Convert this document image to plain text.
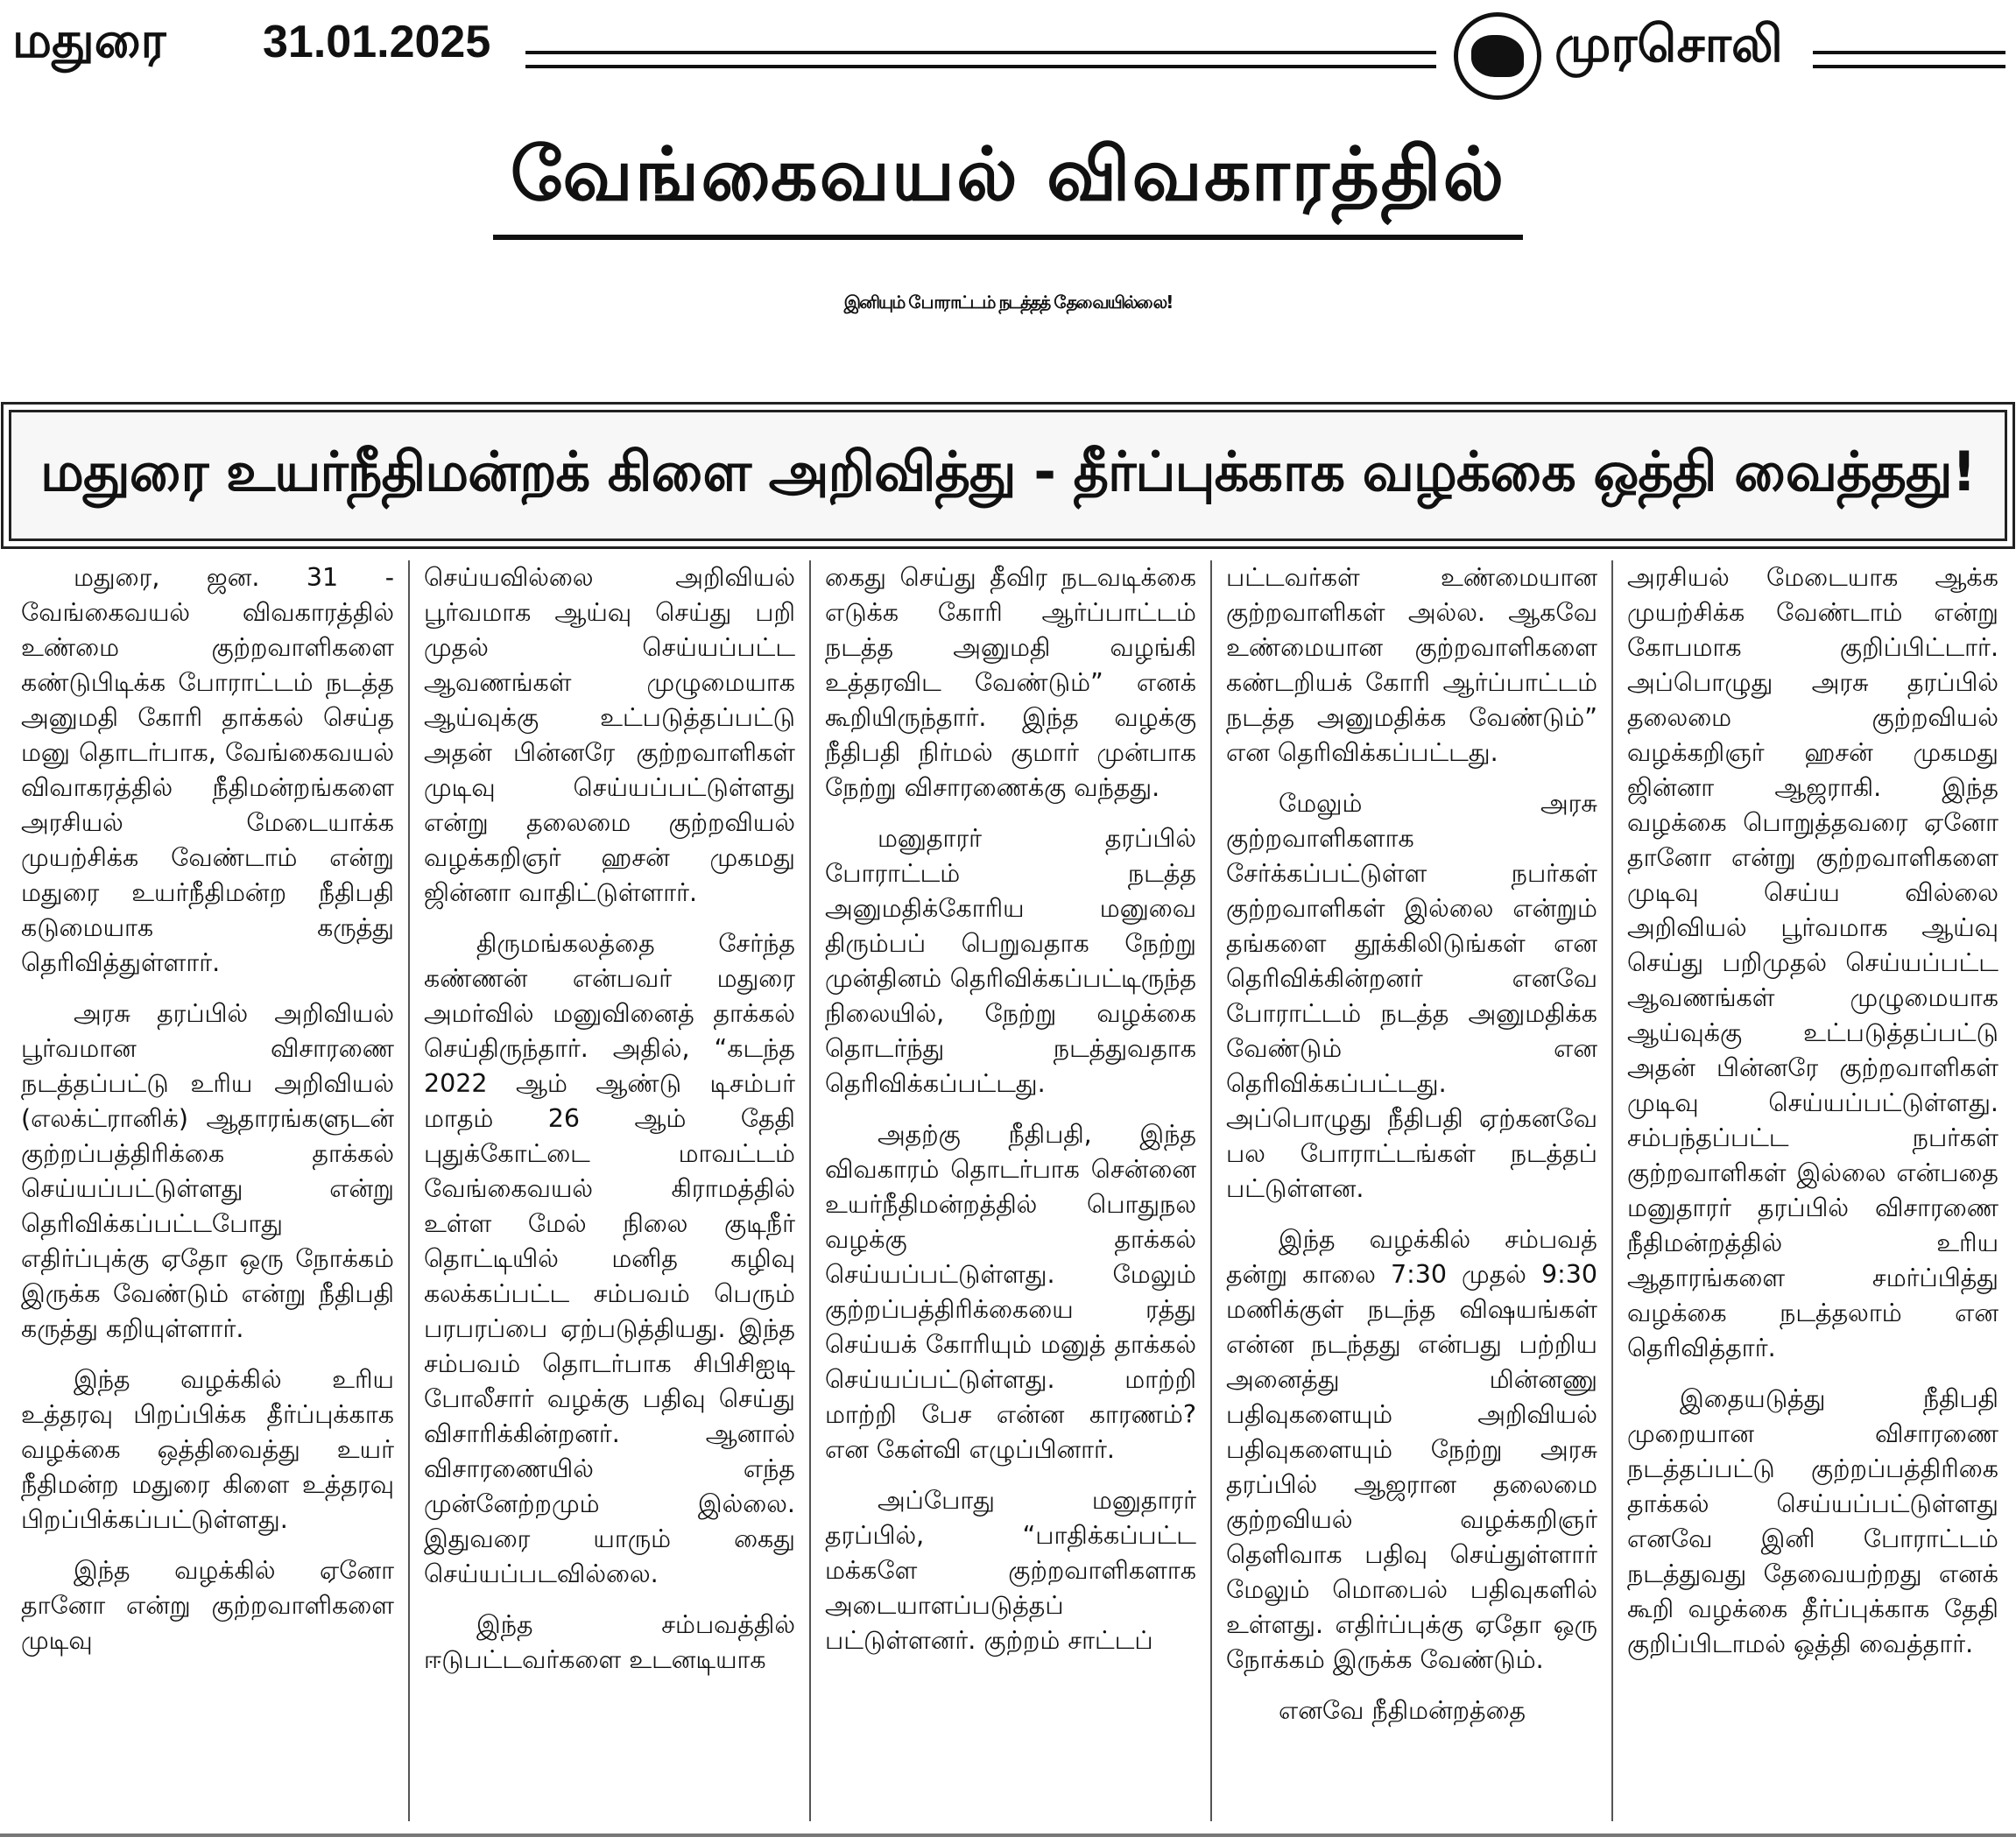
மதுரை 31.01.2025	முரசொலி
வேங்கைவயல் விவகாரத்தில்
இனியும் போராட்டம் நடத்தத் தேவையில்லை!
மதுரை உயர்நீதிமன்றக் கிளை அறிவித்து - தீர்ப்புக்காக வழக்கை ஒத்தி வைத்தது!

மதுரை, ஜன. 31 - வேங்கைவயல் விவகாரத்தில் உண்மை குற்றவாளிகளை கண்டுபிடிக்க போராட்டம் நடத்த அனுமதி கோரி தாக்கல் செய்த மனு தொடர்பாக, வேங்கைவயல் விவாகரத்தில் நீதிமன்றங்களை அரசியல் மேடையாக்க முயற்சிக்க வேண்டாம் என்று மதுரை உயர்நீதிமன்ற நீதிபதி கடுமையாக கருத்து தெரிவித்துள்ளார்.

அரசு தரப்பில் அறிவியல் பூர்வமான விசாரணை நடத்தப்பட்டு உரிய அறிவியல் (எலக்ட்ரானிக்) ஆதாரங்களுடன் குற்றப்பத்திரிக்கை தாக்கல் செய்யப்பட்டுள்ளது என்று தெரிவிக்கப்பட்டபோது எதிர்ப்புக்கு ஏதோ ஒரு நோக்கம் இருக்க வேண்டும் என்று நீதிபதி கருத்து கறியுள்ளார்.

இந்த வழக்கில் உரிய உத்தரவு பிறப்பிக்க தீர்ப்புக்காக வழக்கை ஒத்திவைத்து உயர் நீதிமன்ற மதுரை கிளை உத்தரவு பிறப்பிக்கப்பட்டுள்ளது.

இந்த வழக்கில் ஏனோ தானோ என்று குற்றவாளிகளை முடிவு

செய்யவில்லை அறிவியல் பூர்வமாக ஆய்வு செய்து பறி முதல் செய்யப்பட்ட ஆவணங்கள் முழுமையாக ஆய்வுக்கு உட்படுத்தப்பட்டு அதன் பின்னரே குற்றவாளிகள் முடிவு செய்யப்பட்டுள்ளது என்று தலைமை குற்றவியல் வழக்கறிஞர் ஹசன் முகமது ஜின்னா வாதிட்டுள்ளார்.

திருமங்கலத்தை சேர்ந்த கண்ணன் என்பவர் மதுரை அமர்வில் மனுவினைத் தாக்கல் செய்திருந்தார். அதில், “கடந்த 2022 ஆம் ஆண்டு டிசம்பர் மாதம் 26 ஆம் தேதி புதுக்கோட்டை மாவட்டம் வேங்கைவயல் கிராமத்தில் உள்ள மேல் நிலை குடிநீர் தொட்டியில் மனித கழிவு கலக்கப்பட்ட சம்பவம் பெரும் பரபரப்பை ஏற்படுத்தியது. இந்த சம்பவம் தொடர்பாக சிபிசிஐடி போலீசார் வழக்கு பதிவு செய்து விசாரிக்கின்றனர். ஆனால் விசாரணையில் எந்த முன்னேற்றமும் இல்லை. இதுவரை யாரும் கைது செய்யப்படவில்லை.

இந்த சம்பவத்தில் ஈடுபட்டவர்களை உடனடியாக

கைது செய்து தீவிர நடவடிக்கை எடுக்க கோரி ஆர்ப்பாட்டம் நடத்த அனுமதி வழங்கி உத்தரவிட வேண்டும்” எனக் கூறியிருந்தார். இந்த வழக்கு நீதிபதி நிர்மல் குமார் முன்பாக நேற்று விசாரணைக்கு வந்தது.

மனுதாரர் தரப்பில் போராட்டம் நடத்த அனுமதிக்கோரிய மனுவை திரும்பப் பெறுவதாக நேற்று முன்தினம் தெரிவிக்கப்பட்டிருந்த நிலையில், நேற்று வழக்கை தொடர்ந்து நடத்துவதாக தெரிவிக்கப்பட்டது.

அதற்கு நீதிபதி, இந்த விவகாரம் தொடர்பாக சென்னை உயர்நீதிமன்றத்தில் பொதுநல வழக்கு தாக்கல் செய்யப்பட்டுள்ளது. மேலும் குற்றப்பத்திரிக்கையை ரத்து செய்யக் கோரியும் மனுத் தாக்கல் செய்யப்பட்டுள்ளது. மாற்றி மாற்றி பேச என்ன காரணம்? என கேள்வி எழுப்பினார்.

அப்போது மனுதாரர் தரப்பில், “பாதிக்கப்பட்ட மக்களே குற்றவாளிகளாக அடையாளப்படுத்தப் பட்டுள்ளனர். குற்றம் சாட்டப்

பட்டவர்கள் உண்மையான குற்றவாளிகள் அல்ல. ஆகவே உண்மையான குற்றவாளிகளை கண்டறியக் கோரி ஆர்ப்பாட்டம் நடத்த அனுமதிக்க வேண்டும்” என தெரிவிக்கப்பட்டது.

மேலும் அரசு குற்றவாளிகளாக சேர்க்கப்பட்டுள்ள நபர்கள் குற்றவாளிகள் இல்லை என்றும் தங்களை தூக்கிலிடுங்கள் என தெரிவிக்கின்றனர் எனவே போராட்டம் நடத்த அனுமதிக்க வேண்டும் என தெரிவிக்கப்பட்டது. அப்பொழுது நீதிபதி ஏற்கனவே பல போராட்டங்கள் நடத்தப் பட்டுள்ளன.

இந்த வழக்கில் சம்பவத் தன்று காலை 7:30 முதல் 9:30 மணிக்குள் நடந்த விஷயங்கள் என்ன நடந்தது என்பது பற்றிய அனைத்து மின்னணு பதிவுகளையும் அறிவியல் பதிவுகளையும் நேற்று அரசு தரப்பில் ஆஜரான தலைமை குற்றவியல் வழக்கறிஞர் தெளிவாக பதிவு செய்துள்ளார் மேலும் மொபைல் பதிவுகளில் உள்ளது. எதிர்ப்புக்கு ஏதோ ஒரு நோக்கம் இருக்க வேண்டும்.

எனவே நீதிமன்றத்தை

அரசியல் மேடையாக ஆக்க முயற்சிக்க வேண்டாம் என்று கோபமாக குறிப்பிட்டார். அப்பொழுது அரசு தரப்பில் தலைமை குற்றவியல் வழக்கறிஞர் ஹசன் முகமது ஜின்னா ஆஜராகி. இந்த வழக்கை பொறுத்தவரை ஏனோ தானோ என்று குற்றவாளிகளை முடிவு செய்ய வில்லை அறிவியல் பூர்வமாக ஆய்வு செய்து பறிமுதல் செய்யப்பட்ட ஆவணங்கள் முழுமையாக ஆய்வுக்கு உட்படுத்தப்பட்டு அதன் பின்னரே குற்றவாளிகள் முடிவு செய்யப்பட்டுள்ளது. சம்பந்தப்பட்ட நபர்கள் குற்றவாளிகள் இல்லை என்பதை மனுதாரர் தரப்பில் விசாரணை நீதிமன்றத்தில் உரிய ஆதாரங்களை சமர்ப்பித்து வழக்கை நடத்தலாம் என தெரிவித்தார்.

இதையடுத்து நீதிபதி முறையான விசாரணை நடத்தப்பட்டு குற்றப்பத்திரிகை தாக்கல் செய்யப்பட்டுள்ளது எனவே இனி போராட்டம் நடத்துவது தேவையற்றது எனக் கூறி வழக்கை தீர்ப்புக்காக தேதி குறிப்பிடாமல் ஒத்தி வைத்தார்.
